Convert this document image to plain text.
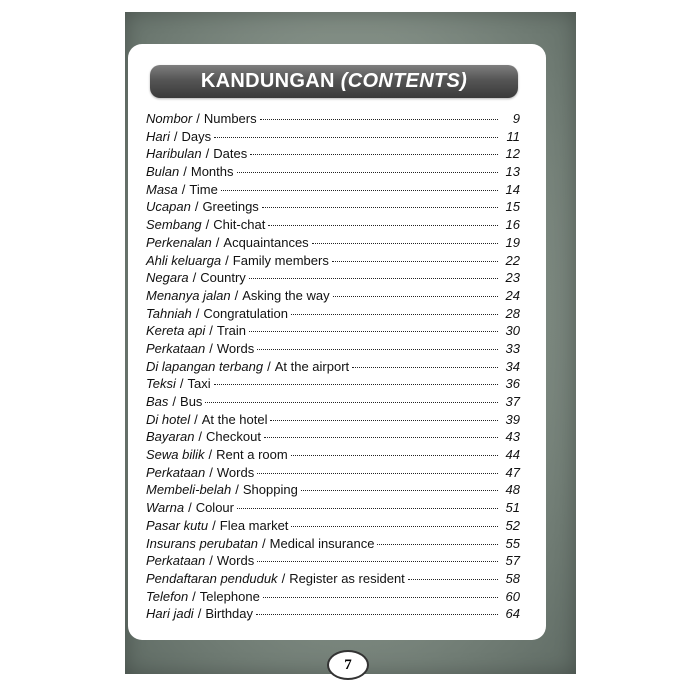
KANDUNGAN (CONTENTS)
Nombor / Numbers	9
Hari / Days	11
Haribulan / Dates	12
Bulan / Months	13
Masa / Time	14
Ucapan / Greetings	15
Sembang / Chit-chat	16
Perkenalan / Acquaintances	19
Ahli keluarga / Family members	22
Negara / Country	23
Menanya jalan / Asking the way	24
Tahniah / Congratulation	28
Kereta api / Train	30
Perkataan / Words	33
Di lapangan terbang / At the airport	34
Teksi / Taxi	36
Bas / Bus	37
Di hotel / At the hotel	39
Bayaran / Checkout	43
Sewa bilik / Rent a room	44
Perkataan / Words	47
Membeli-belah / Shopping	48
Warna / Colour	51
Pasar kutu / Flea market	52
Insurans perubatan / Medical insurance	55
Perkataan / Words	57
Pendaftaran penduduk / Register as resident	58
Telefon / Telephone	60
Hari jadi / Birthday	64
7
